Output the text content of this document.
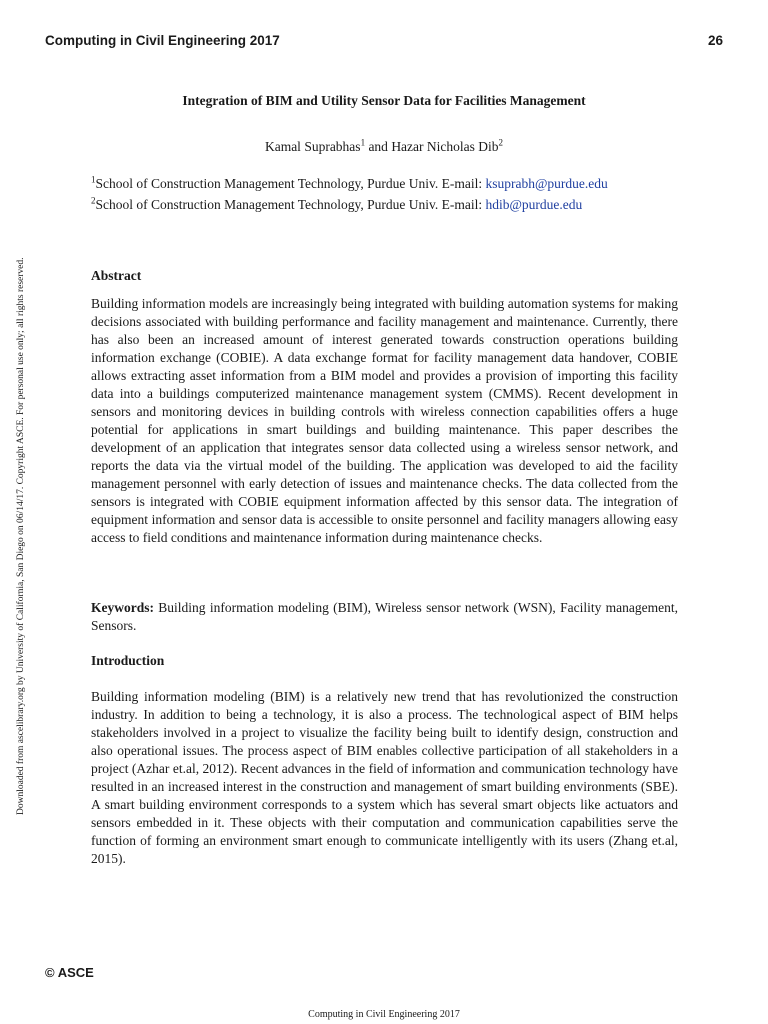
Computing in Civil Engineering 2017	26
Integration of BIM and Utility Sensor Data for Facilities Management
Kamal Suprabhas$^1$ and Hazar Nicholas Dib$^2$
$^1$School of Construction Management Technology, Purdue Univ. E-mail: ksuprabh@purdue.edu
$^2$School of Construction Management Technology, Purdue Univ. E-mail: hdib@purdue.edu
Abstract

Building information models are increasingly being integrated with building automation systems for making decisions associated with building performance and facility management and maintenance. Currently, there has also been an increased amount of interest generated towards construction operations building information exchange (COBIE). A data exchange format for facility management data handover, COBIE allows extracting asset information from a BIM model and provides a provision of importing this facility data into a buildings computerized maintenance management system (CMMS). Recent development in sensors and monitoring devices in building controls with wireless connection capabilities offers a huge potential for applications in smart buildings and building maintenance. This paper describes the development of an application that integrates sensor data collected using a wireless sensor network, and reports the data via the virtual model of the building. The application was developed to aid the facility management personnel with early detection of issues and maintenance checks. The data collected from the sensors is integrated with COBIE equipment information affected by this sensor data. The integration of equipment information and sensor data is accessible to onsite personnel and facility managers allowing easy access to field conditions and maintenance information during maintenance checks.

Keywords: Building information modeling (BIM), Wireless sensor network (WSN), Facility management, Sensors.

Introduction

Building information modeling (BIM) is a relatively new trend that has revolutionized the construction industry. In addition to being a technology, it is also a process. The technological aspect of BIM helps stakeholders involved in a project to visualize the facility being built to identify design, construction and also operational issues. The process aspect of BIM enables collective participation of all stakeholders in a project (Azhar et.al, 2012). Recent advances in the field of information and communication technology have resulted in an increased interest in the construction and management of smart building environments (SBE). A smart building environment corresponds to a system which has several smart objects like actuators and sensors embedded in it. These objects with their computation and communication capabilities serve the function of forming an environment smart enough to communicate intelligently with its users (Zhang et.al, 2015).

© ASCE
Computing in Civil Engineering 2017
Downloaded from ascelibrary.org by University of California, San Diego on 06/14/17. Copyright ASCE. For personal use only; all rights reserved.
